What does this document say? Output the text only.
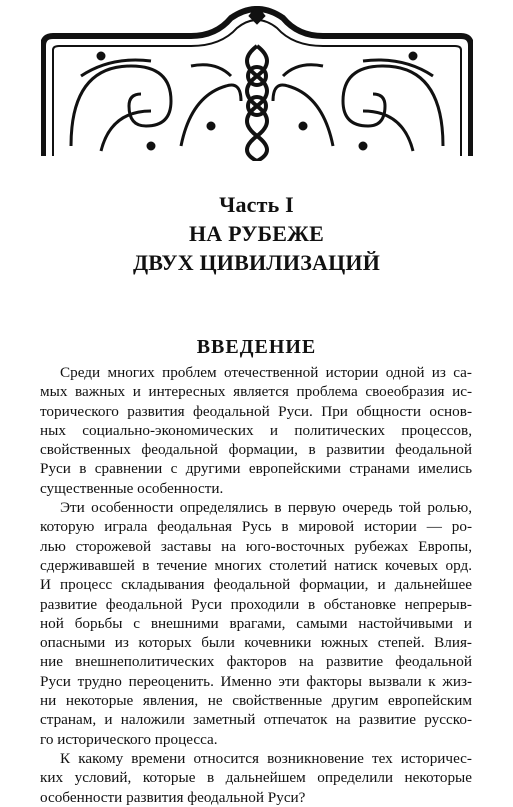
Часть I
НА РУБЕЖЕ
ДВУХ ЦИВИЛИЗАЦИЙ
ВВЕДЕНИЕ
Среди многих проблем отечественной истории одной из са-
мых важных и интересных является проблема своеобразия ис-
торического развития феодальной Руси. При общности основ-
ных социально-экономических и политических процессов,
свойственных феодальной формации, в развитии феодальной
Руси в сравнении с другими европейскими странами имелись
существенные особенности.
Эти особенности определялись в первую очередь той ролью,
которую играла феодальная Русь в мировой истории — ро-
лью сторожевой заставы на юго-восточных рубежах Европы,
сдерживавшей в течение многих столетий натиск кочевых орд.
И процесс складывания феодальной формации, и дальнейшее
развитие феодальной Руси проходили в обстановке непрерыв-
ной борьбы с внешними врагами, самыми настойчивыми и
опасными из которых были кочевники южных степей. Влия-
ние внешнеполитических факторов на развитие феодальной
Руси трудно переоценить. Именно эти факторы вызвали к жиз-
ни некоторые явления, не свойственные другим европейским
странам, и наложили заметный отпечаток на развитие русско-
го исторического процесса.
К какому времени относится возникновение тех историчес-
ких условий, которые в дальнейшем определили некоторые
особенности развития феодальной Руси?
